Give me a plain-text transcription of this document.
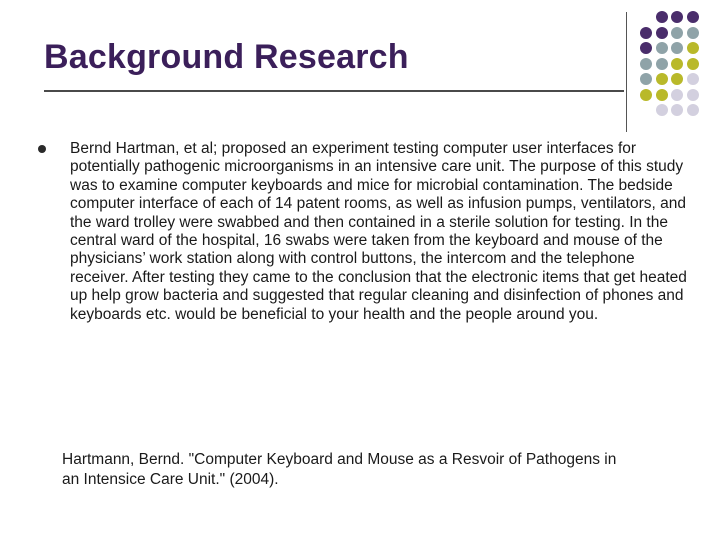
Background Research

Bernd Hartman, et al; proposed an experiment testing computer user interfaces for potentially pathogenic microorganisms in an intensive care unit. The purpose of this study was to examine computer keyboards and mice for microbial contamination. The bedside computer interface of each of 14 patent rooms, as well as infusion pumps, ventilators, and the ward trolley were swabbed and then contained in a sterile solution for testing. In the central ward of the hospital, 16 swabs were taken from the keyboard and mouse of the physicians’ work station along with control buttons, the intercom and the telephone receiver. After testing they came to the conclusion that the electronic items that get heated up help grow bacteria and suggested that regular cleaning and disinfection of phones and keyboards etc. would be beneficial to your health and the people around you.

Hartmann, Bernd. "Computer Keyboard and Mouse as a Resvoir of Pathogens in an Intensice Care Unit." (2004).
